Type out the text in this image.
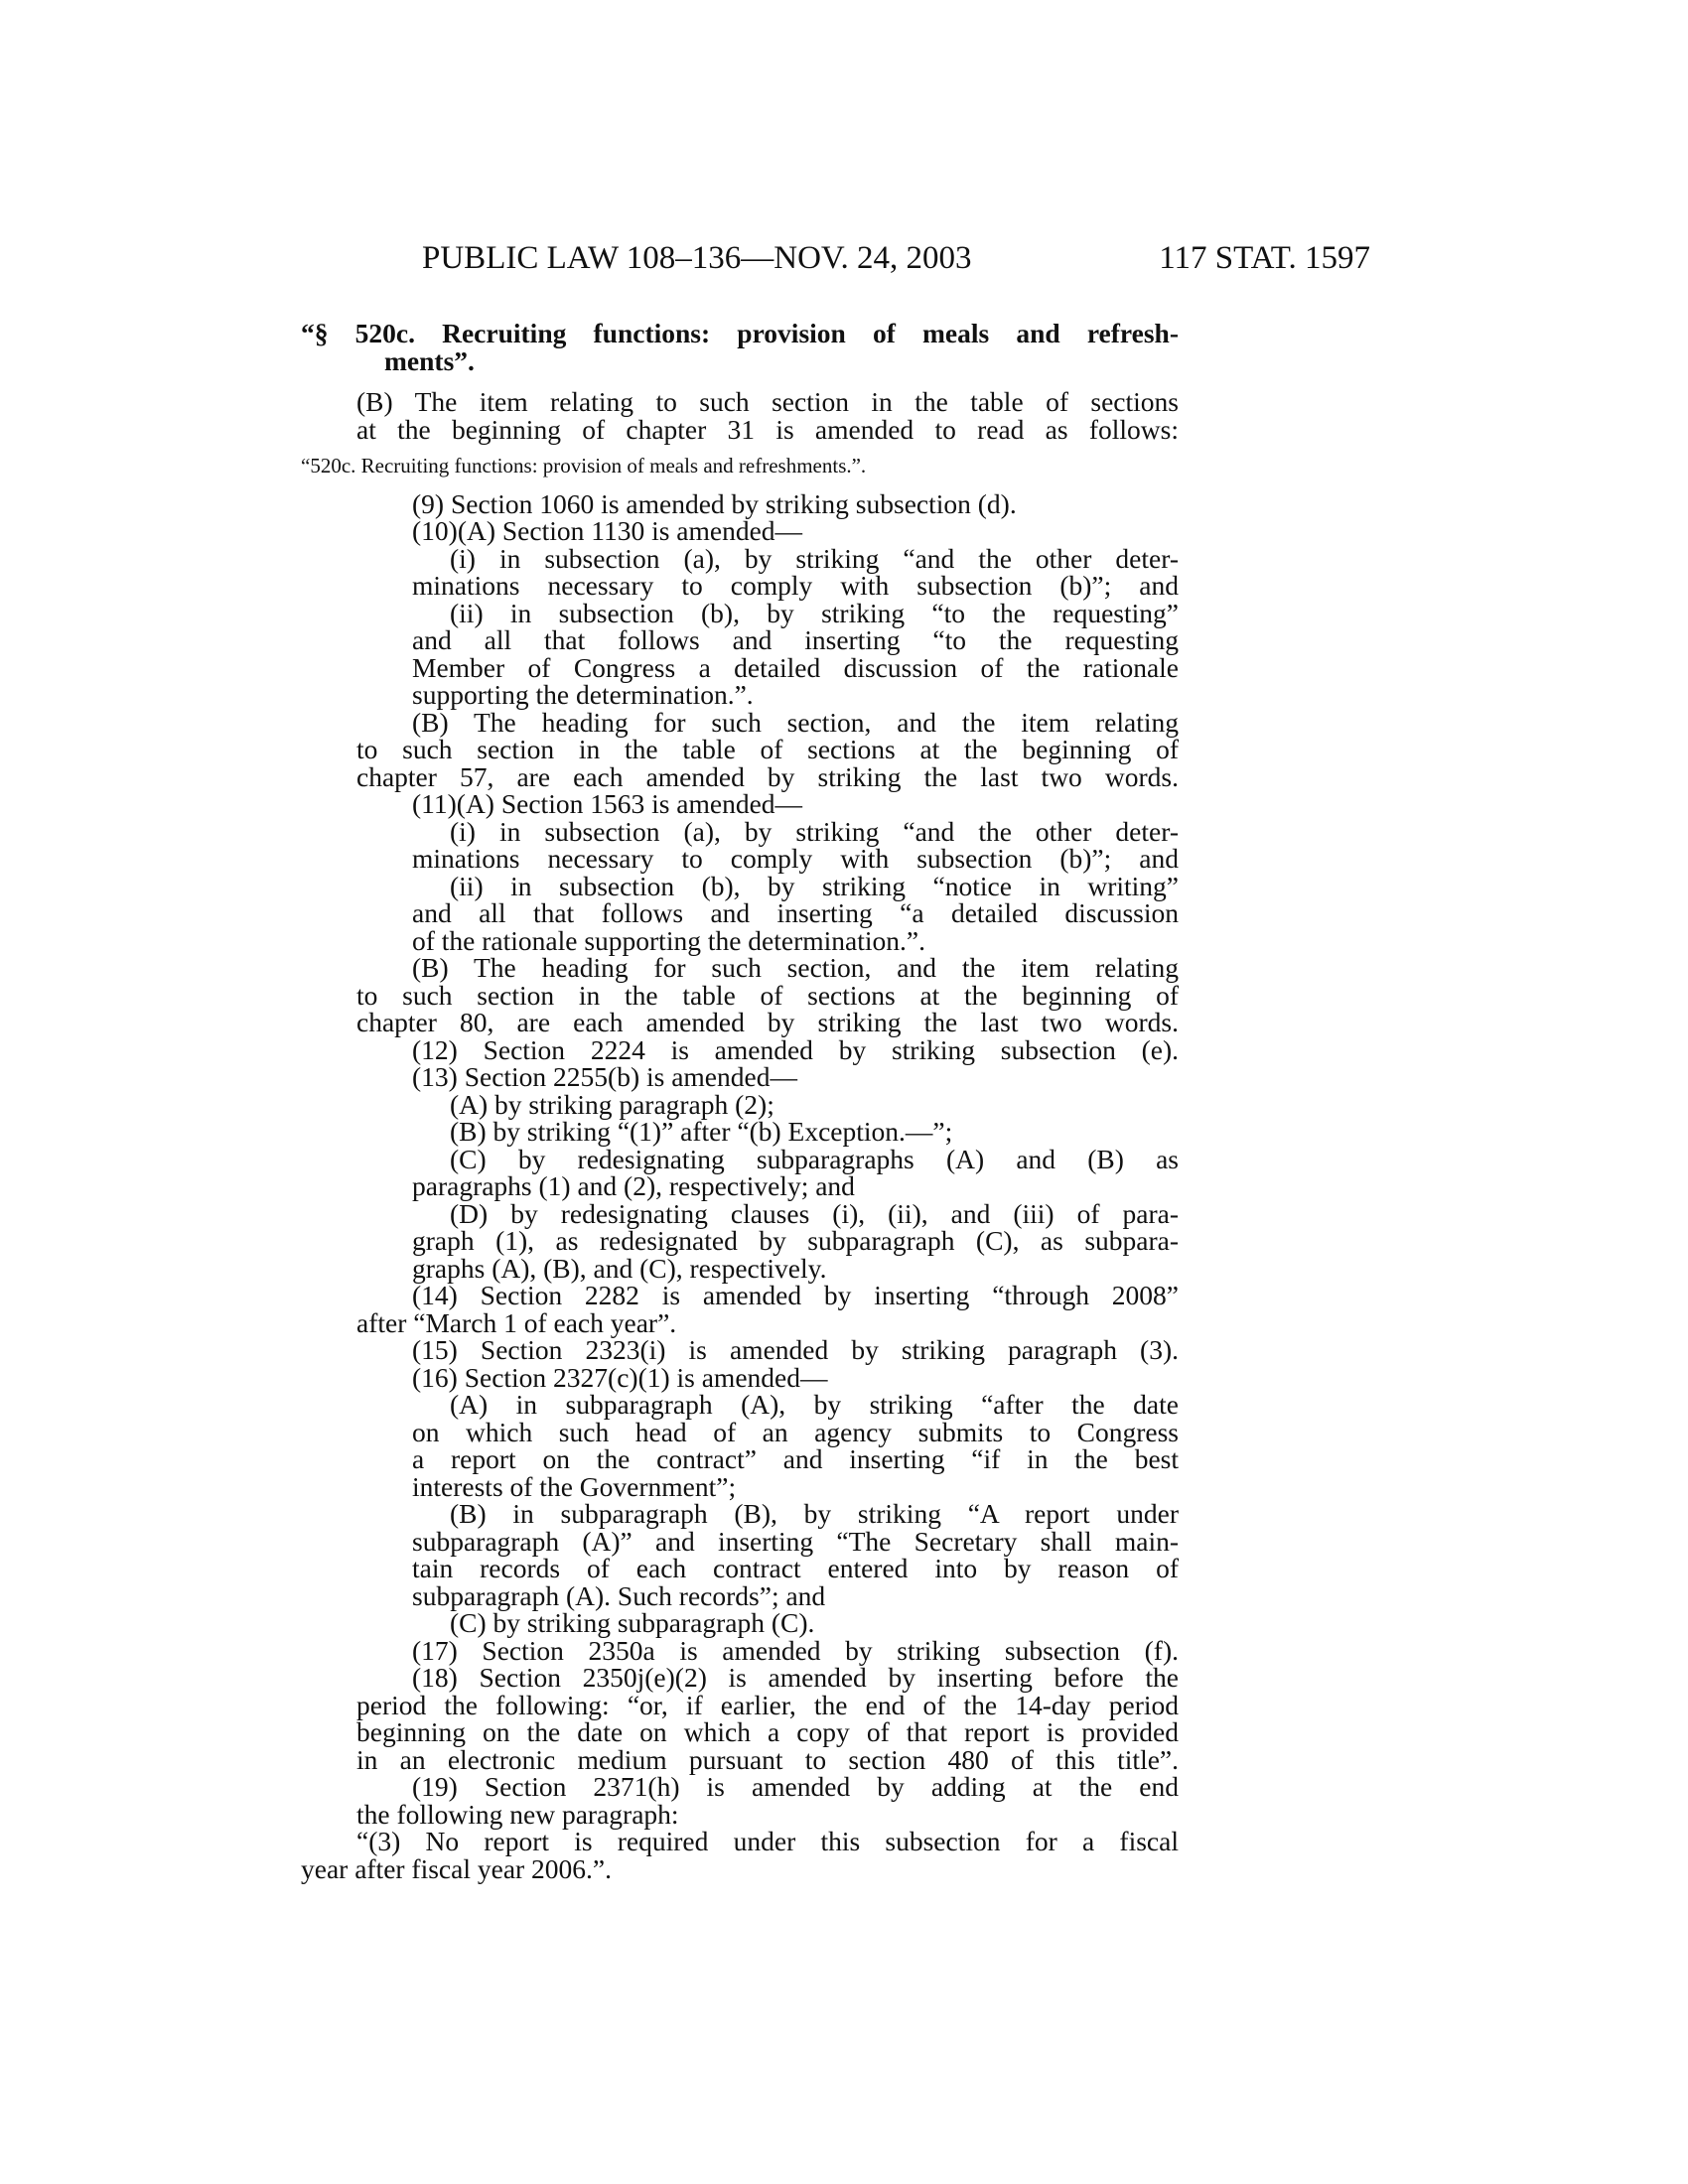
PUBLIC LAW 108–136—NOV. 24, 2003	117 STAT. 1597
“§ 520c. Recruiting functions: provision of meals and refresh-
ments”.
(B) The item relating to such section in the table of sections
at the beginning of chapter 31 is amended to read as follows:
“520c. Recruiting functions: provision of meals and refreshments.”.
(9) Section 1060 is amended by striking subsection (d).
(10)(A) Section 1130 is amended—
(i) in subsection (a), by striking “and the other deter-
minations necessary to comply with subsection (b)”; and
(ii) in subsection (b), by striking “to the requesting”
and all that follows and inserting “to the requesting
Member of Congress a detailed discussion of the rationale
supporting the determination.”.
(B) The heading for such section, and the item relating
to such section in the table of sections at the beginning of
chapter 57, are each amended by striking the last two words.
(11)(A) Section 1563 is amended—
(i) in subsection (a), by striking “and the other deter-
minations necessary to comply with subsection (b)”; and
(ii) in subsection (b), by striking “notice in writing”
and all that follows and inserting “a detailed discussion
of the rationale supporting the determination.”.
(B) The heading for such section, and the item relating
to such section in the table of sections at the beginning of
chapter 80, are each amended by striking the last two words.
(12) Section 2224 is amended by striking subsection (e).
(13) Section 2255(b) is amended—
(A) by striking paragraph (2);
(B) by striking “(1)” after “(b) Exception.—”;
(C) by redesignating subparagraphs (A) and (B) as
paragraphs (1) and (2), respectively; and
(D) by redesignating clauses (i), (ii), and (iii) of para-
graph (1), as redesignated by subparagraph (C), as subpara-
graphs (A), (B), and (C), respectively.
(14) Section 2282 is amended by inserting “through 2008”
after “March 1 of each year”.
(15) Section 2323(i) is amended by striking paragraph (3).
(16) Section 2327(c)(1) is amended—
(A) in subparagraph (A), by striking “after the date
on which such head of an agency submits to Congress
a report on the contract” and inserting “if in the best
interests of the Government”;
(B) in subparagraph (B), by striking “A report under
subparagraph (A)” and inserting “The Secretary shall main-
tain records of each contract entered into by reason of
subparagraph (A). Such records”; and
(C) by striking subparagraph (C).
(17) Section 2350a is amended by striking subsection (f).
(18) Section 2350j(e)(2) is amended by inserting before the
period the following: “or, if earlier, the end of the 14-day period
beginning on the date on which a copy of that report is provided
in an electronic medium pursuant to section 480 of this title”.
(19) Section 2371(h) is amended by adding at the end
the following new paragraph:
“(3) No report is required under this subsection for a fiscal
year after fiscal year 2006.”.
